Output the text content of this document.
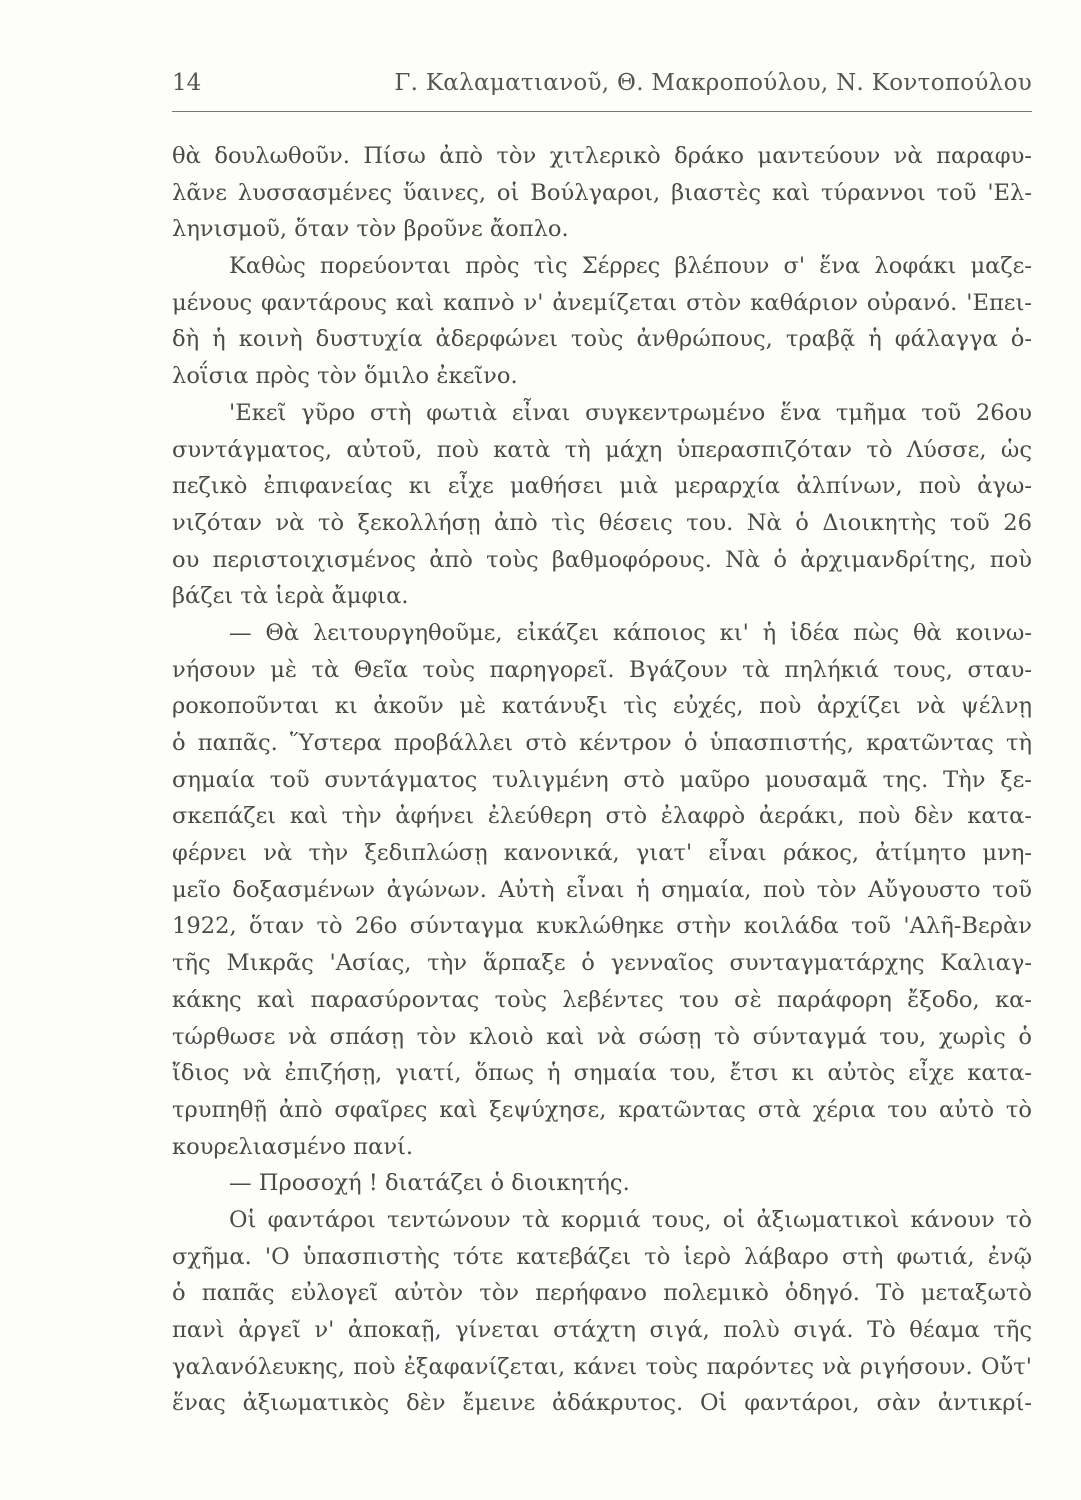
14	Γ. Καλαματιανοῦ, Θ. Μακροπούλου, Ν. Κοντοπούλου
θὰ δουλωθοῦν. Πίσω ἀπὸ τὸν χιτλερικὸ δράκο μαντεύουν νὰ παραφυ-
λᾶνε λυσσασμένες ὕαινες, οἱ Βούλγαροι, βιαστὲς καὶ τύραννοι τοῦ 'Ελ-
ληνισμοῦ, ὅταν τὸν βροῦνε ἄοπλο.
Καθὼς πορεύονται πρὸς τὶς Σέρρες βλέπουν σ' ἕνα λοφάκι μαζε-
μένους φαντάρους καὶ καπνὸ ν' ἀνεμίζεται στὸν καθάριον οὐρανό. 'Επει-
δὴ ἡ κοινὴ δυστυχία ἀδερφώνει τοὺς ἀνθρώπους, τραβᾷ ἡ φάλαγγα ὁ-
λοΐσια πρὸς τὸν ὅμιλο ἐκεῖνο.
'Εκεῖ γῦρο στὴ φωτιὰ εἶναι συγκεντρωμένο ἕνα τμῆμα τοῦ 26ου
συντάγματος, αὐτοῦ, ποὺ κατὰ τὴ μάχη ὑπερασπιζόταν τὸ Λύσσε, ὡς
πεζικὸ ἐπιφανείας κι εἶχε μαθήσει μιὰ μεραρχία ἀλπίνων, ποὺ ἀγω-
νιζόταν νὰ τὸ ξεκολλήσῃ ἀπὸ τὶς θέσεις του. Νὰ ὁ Διοικητὴς τοῦ 26
ου περιστοιχισμένος ἀπὸ τοὺς βαθμοφόρους. Νὰ ὁ ἀρχιμανδρίτης, ποὺ
βάζει τὰ ἱερὰ ἄμφια.
— Θὰ λειτουργηθοῦμε, εἰκάζει κάποιος κι' ἡ ἰδέα πὼς θὰ κοινω-
νήσουν μὲ τὰ Θεῖα τοὺς παρηγορεῖ. Βγάζουν τὰ πηλήκιά τους, σταυ-
ροκοποῦνται κι ἀκοῦν μὲ κατάνυξι τὶς εὐχές, ποὺ ἀρχίζει νὰ ψέλνῃ
ὁ παπᾶς. Ὕστερα προβάλλει στὸ κέντρον ὁ ὑπασπιστής, κρατῶντας τὴ
σημαία τοῦ συντάγματος τυλιγμένη στὸ μαῦρο μουσαμᾶ της. Τὴν ξε-
σκεπάζει καὶ τὴν ἀφήνει ἐλεύθερη στὸ ἐλαφρὸ ἀεράκι, ποὺ δὲν κατα-
φέρνει νὰ τὴν ξεδιπλώσῃ κανονικά, γιατ' εἶναι ράκος, ἀτίμητο μνη-
μεῖο δοξασμένων ἀγώνων. Αὐτὴ εἶναι ἡ σημαία, ποὺ τὸν Αὔγουστο τοῦ
1922, ὅταν τὸ 26ο σύνταγμα κυκλώθηκε στὴν κοιλάδα τοῦ 'Αλῆ-Βερὰν
τῆς Μικρᾶς 'Ασίας, τὴν ἅρπαξε ὁ γενναῖος συνταγματάρχης Καλιαγ-
κάκης καὶ παρασύροντας τοὺς λεβέντες του σὲ παράφορη ἔξοδο, κα-
τώρθωσε νὰ σπάσῃ τὸν κλοιὸ καὶ νὰ σώσῃ τὸ σύνταγμά του, χωρὶς ὁ
ἴδιος νὰ ἐπιζήσῃ, γιατί, ὅπως ἡ σημαία του, ἔτσι κι αὐτὸς εἶχε κατα-
τρυπηθῇ ἀπὸ σφαῖρες καὶ ξεψύχησε, κρατῶντας στὰ χέρια του αὐτὸ τὸ
κουρελιασμένο πανί.
— Προσοχή ! διατάζει ὁ διοικητής.
Οἱ φαντάροι τεντώνουν τὰ κορμιά τους, οἱ ἀξιωματικοὶ κάνουν τὸ
σχῆμα. 'Ο ὑπασπιστὴς τότε κατεβάζει τὸ ἱερὸ λάβαρο στὴ φωτιά, ἐνῷ
ὁ παπᾶς εὐλογεῖ αὐτὸν τὸν περήφανο πολεμικὸ ὁδηγό. Τὸ μεταξωτὸ
πανὶ ἀργεῖ ν' ἀποκαῇ, γίνεται στάχτη σιγά, πολὺ σιγά. Τὸ θέαμα τῆς
γαλανόλευκης, ποὺ ἐξαφανίζεται, κάνει τοὺς παρόντες νὰ ριγήσουν. Οὔτ'
ἕνας ἀξιωματικὸς δὲν ἔμεινε ἀδάκρυτος. Οἱ φαντάροι, σὰν ἀντικρί-
